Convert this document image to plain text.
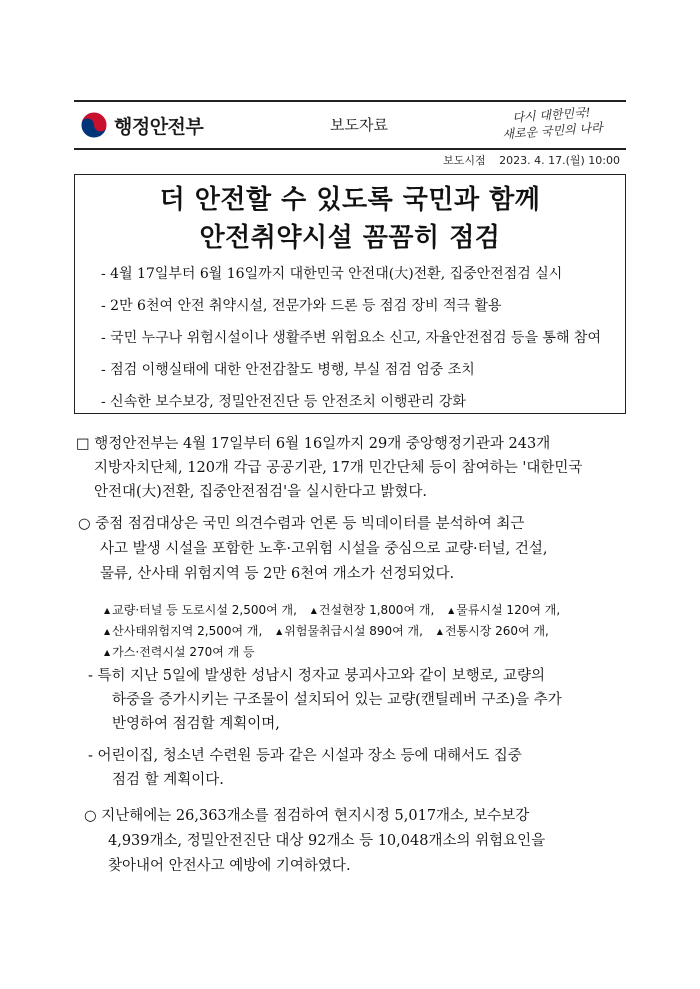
행정안전부	보도자료
다시 대한민국!
새로운 국민의 나라
보도시점 2023. 4. 17.(월) 10:00
더 안전할 수 있도록 국민과 함께
안전취약시설 꼼꼼히 점검
- 4월 17일부터 6월 16일까지 대한민국 안전대(大)전환, 집중안전점검 실시
- 2만 6천여 안전 취약시설, 전문가와 드론 등 점검 장비 적극 활용
- 국민 누구나 위험시설이나 생활주변 위험요소 신고, 자율안전점검 등을 통해 참여
- 점검 이행실태에 대한 안전감찰도 병행, 부실 점검 엄중 조치
- 신속한 보수보강, 정밀안전진단 등 안전조치 이행관리 강화
□ 행정안전부는 4월 17일부터 6월 16일까지 29개 중앙행정기관과 243개
지방자치단체, 120개 각급 공공기관, 17개 민간단체 등이 참여하는 '대한민국
안전대(大)전환, 집중안전점검'을 실시한다고 밝혔다.
○ 중점 점검대상은 국민 의견수렴과 언론 등 빅데이터를 분석하여 최근
사고 발생 시설을 포함한 노후·고위험 시설을 중심으로 교량·터널, 건설,
물류, 산사태 위험지역 등 2만 6천여 개소가 선정되었다.
▲ 교량·터널 등 도로시설 2,500여 개, ▲ 건설현장 1,800여 개, ▲ 물류시설 120여 개,
▲ 산사태위험지역 2,500여 개, ▲ 위험물취급시설 890여 개, ▲ 전통시장 260여 개,
▲ 가스·전력시설 270여 개 등
- 특히 지난 5일에 발생한 성남시 정자교 붕괴사고와 같이 보행로, 교량의
하중을 증가시키는 구조물이 설치되어 있는 교량(캔틸레버 구조)을 추가
반영하여 점검할 계획이며,
- 어린이집, 청소년 수련원 등과 같은 시설과 장소 등에 대해서도 집중
점검 할 계획이다.
○ 지난해에는 26,363개소를 점검하여 현지시정 5,017개소, 보수보강
4,939개소, 정밀안전진단 대상 92개소 등 10,048개소의 위험요인을
찾아내어 안전사고 예방에 기여하였다.
